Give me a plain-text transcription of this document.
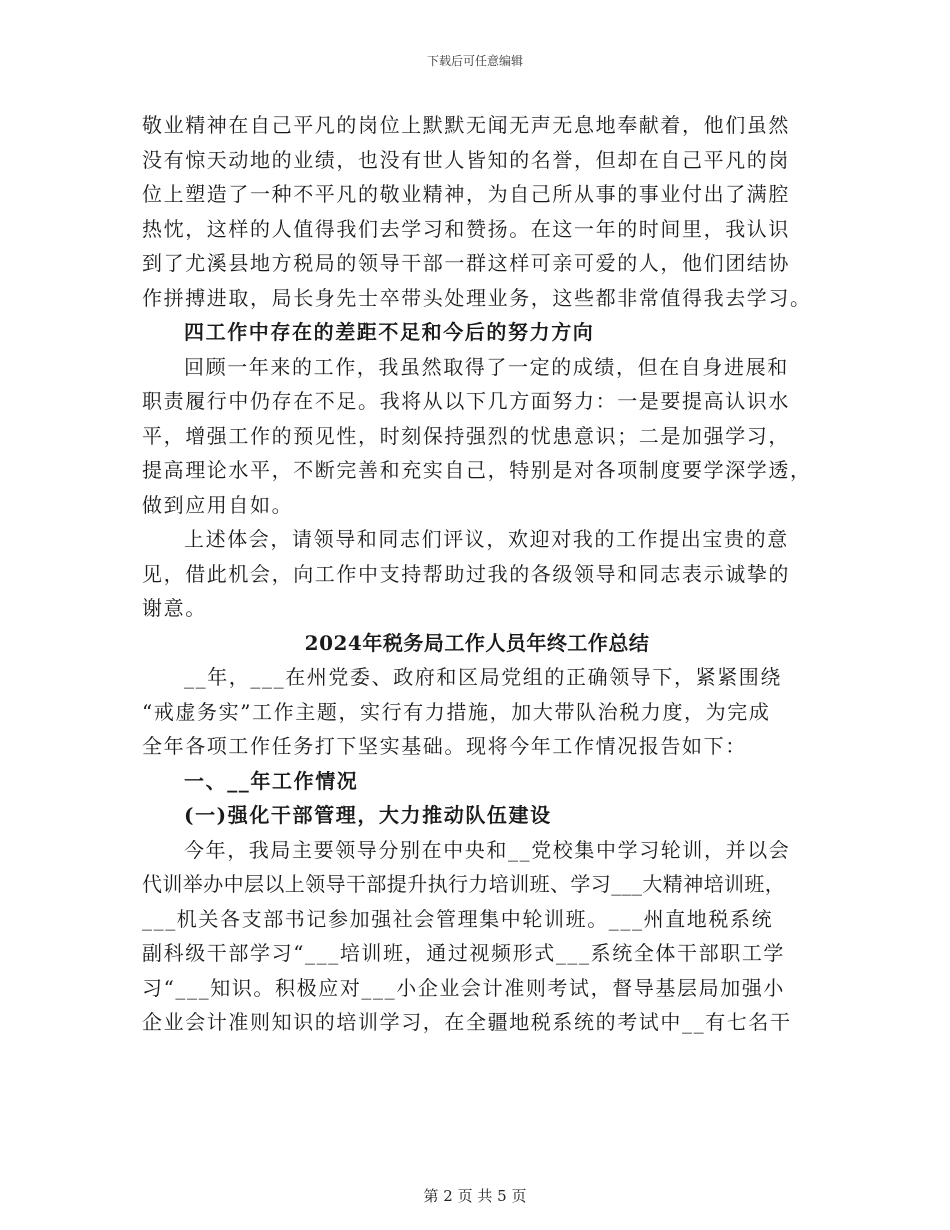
下载后可任意编辑
敬业精神在自己平凡的岗位上默默无闻无声无息地奉献着，他们虽然
没有惊天动地的业绩，也没有世人皆知的名誉，但却在自己平凡的岗
位上塑造了一种不平凡的敬业精神，为自己所从事的事业付出了满腔
热忱，这样的人值得我们去学习和赞扬。在这一年的时间里，我认识
到了尤溪县地方税局的领导干部一群这样可亲可爱的人，他们团结协
作拼搏进取，局长身先士卒带头处理业务，这些都非常值得我去学习。
四工作中存在的差距不足和今后的努力方向
回顾一年来的工作，我虽然取得了一定的成绩，但在自身进展和
职责履行中仍存在不足。我将从以下几方面努力：一是要提高认识水
平，增强工作的预见性，时刻保持强烈的忧患意识；二是加强学习，
提高理论水平，不断完善和充实自己，特别是对各项制度要学深学透，
做到应用自如。
上述体会，请领导和同志们评议，欢迎对我的工作提出宝贵的意
见，借此机会，向工作中支持帮助过我的各级领导和同志表示诚挚的
谢意。
2024年税务局工作人员年终工作总结
__年，___在州党委、政府和区局党组的正确领导下，紧紧围绕
“戒虚务实”工作主题，实行有力措施，加大带队治税力度，为完成
全年各项工作任务打下坚实基础。现将今年工作情况报告如下：
一、__年工作情况
(一)强化干部管理，大力推动队伍建设
今年，我局主要领导分别在中央和__党校集中学习轮训，并以会
代训举办中层以上领导干部提升执行力培训班、学习___大精神培训班，
___机关各支部书记参加强社会管理集中轮训班。___州直地税系统
副科级干部学习“___培训班，通过视频形式___系统全体干部职工学
习“___知识。积极应对___小企业会计准则考试，督导基层局加强小
企业会计准则知识的培训学习，在全疆地税系统的考试中__有七名干
第 2 页 共 5 页
